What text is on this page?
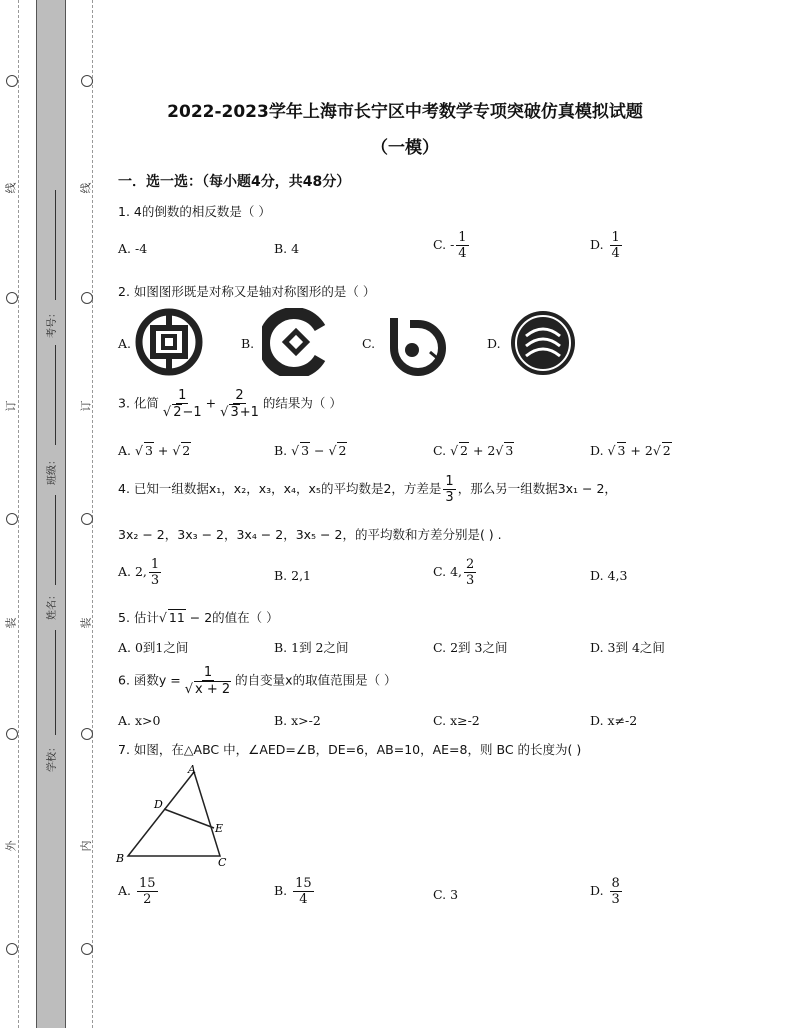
线
订
装
外
线
订
装
内
考号：
班级：
姓名：
学校：
2022-2023学年上海市长宁区中考数学专项突破仿真模拟试题
（一模）
一．选一选：（每小题4分，共48分）
1. 4的倒数的相反数是（ ）
A. -4	B. 4	C. - $\frac{1}{4}$	D. $\frac{1}{4}$
2. 如图图形既是对称又是轴对称图形的是（ ）
A.	B.	C.	D.
3. 化简 $\frac{1}{√ 2-1} + \frac{2}{√ 3+1}$ 的结果为（ ）
A. √ 3 + √ 2	B. √ 3 − √ 2	C. √ 2 + 2√ 3	D. √ 3 + 2√ 2
4. 已知一组数据x₁，x₂，x₃，x₄，x₅的平均数是2，方差是 $\frac{1}{3}$ ，那么另一组数据3x₁ − 2，
3x₂ − 2，3x₃ − 2，3x₄ − 2，3x₅ − 2，的平均数和方差分别是( ) .
A. 2, $\frac{1}{3}$	B. 2,1	C. 4, $\frac{2}{3}$	D. 4,3
5. 估计√ 11 − 2的值在（ ）
A. 0到1之间	B. 1到 2之间	C. 2到 3之间	D. 3到 4之间
6. 函数$y = \frac{1}{√ x + 2}$ 的自变量x的取值范围是（ ）
A. x>0	B. x>-2	C. x≥-2	D. x≠-2
7. 如图，在△ABC 中，∠AED=∠B，DE=6，AB=10，AE=8，则 BC 的长度为( )
A
B	C
D
E
A. $\frac{15}{2}$	B. $\frac{15}{4}$	C. 3	D. $\frac{8}{3}$
